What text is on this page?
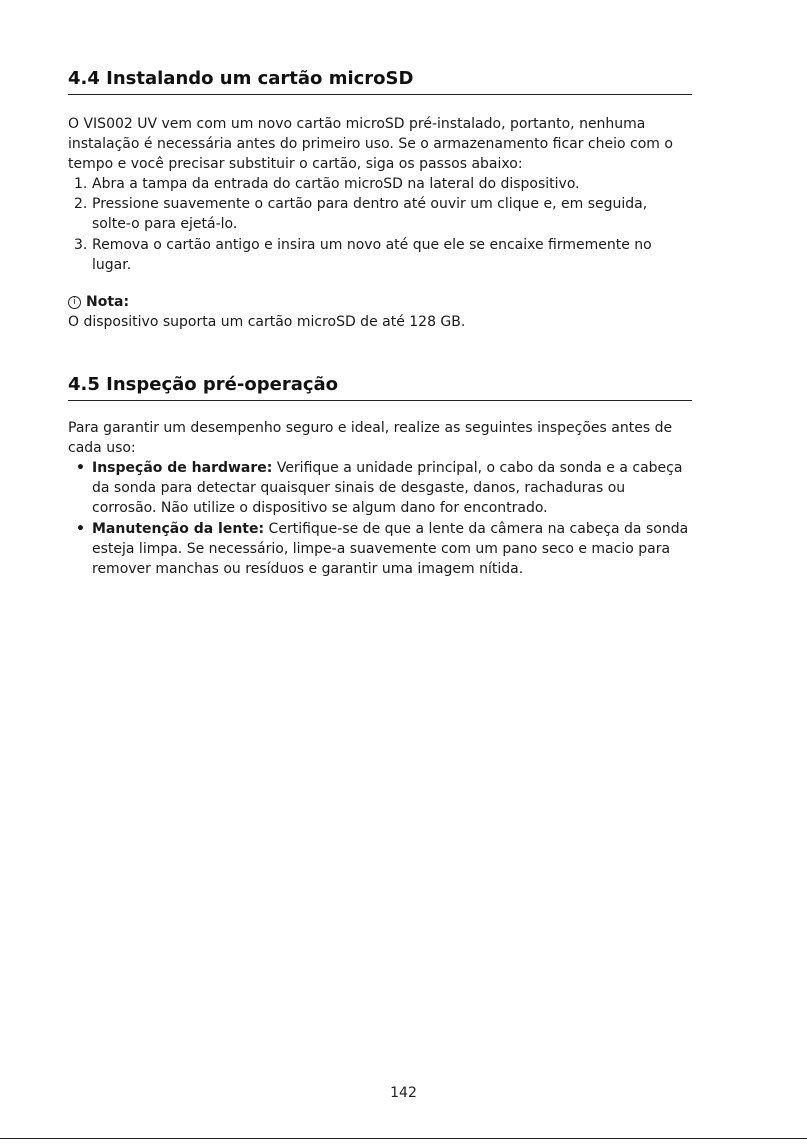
4.4 Instalando um cartão microSD
O VIS002 UV vem com um novo cartão microSD pré-instalado, portanto, nenhuma
instalação é necessária antes do primeiro uso. Se o armazenamento ficar cheio com o
tempo e você precisar substituir o cartão, siga os passos abaixo:
1. Abra a tampa da entrada do cartão microSD na lateral do dispositivo.
2. Pressione suavemente o cartão para dentro até ouvir um clique e, em seguida,
solte-o para ejetá-lo.
3. Remova o cartão antigo e insira um novo até que ele se encaixe firmemente no
lugar.
i Nota:
O dispositivo suporta um cartão microSD de até 128 GB.
4.5 Inspeção pré-operação
Para garantir um desempenho seguro e ideal, realize as seguintes inspeções antes de
cada uso:
• Inspeção de hardware: Verifique a unidade principal, o cabo da sonda e a cabeça
da sonda para detectar quaisquer sinais de desgaste, danos, rachaduras ou
corrosão. Não utilize o dispositivo se algum dano for encontrado.
• Manutenção da lente: Certifique-se de que a lente da câmera na cabeça da sonda
esteja limpa. Se necessário, limpe-a suavemente com um pano seco e macio para
remover manchas ou resíduos e garantir uma imagem nítida.
142
